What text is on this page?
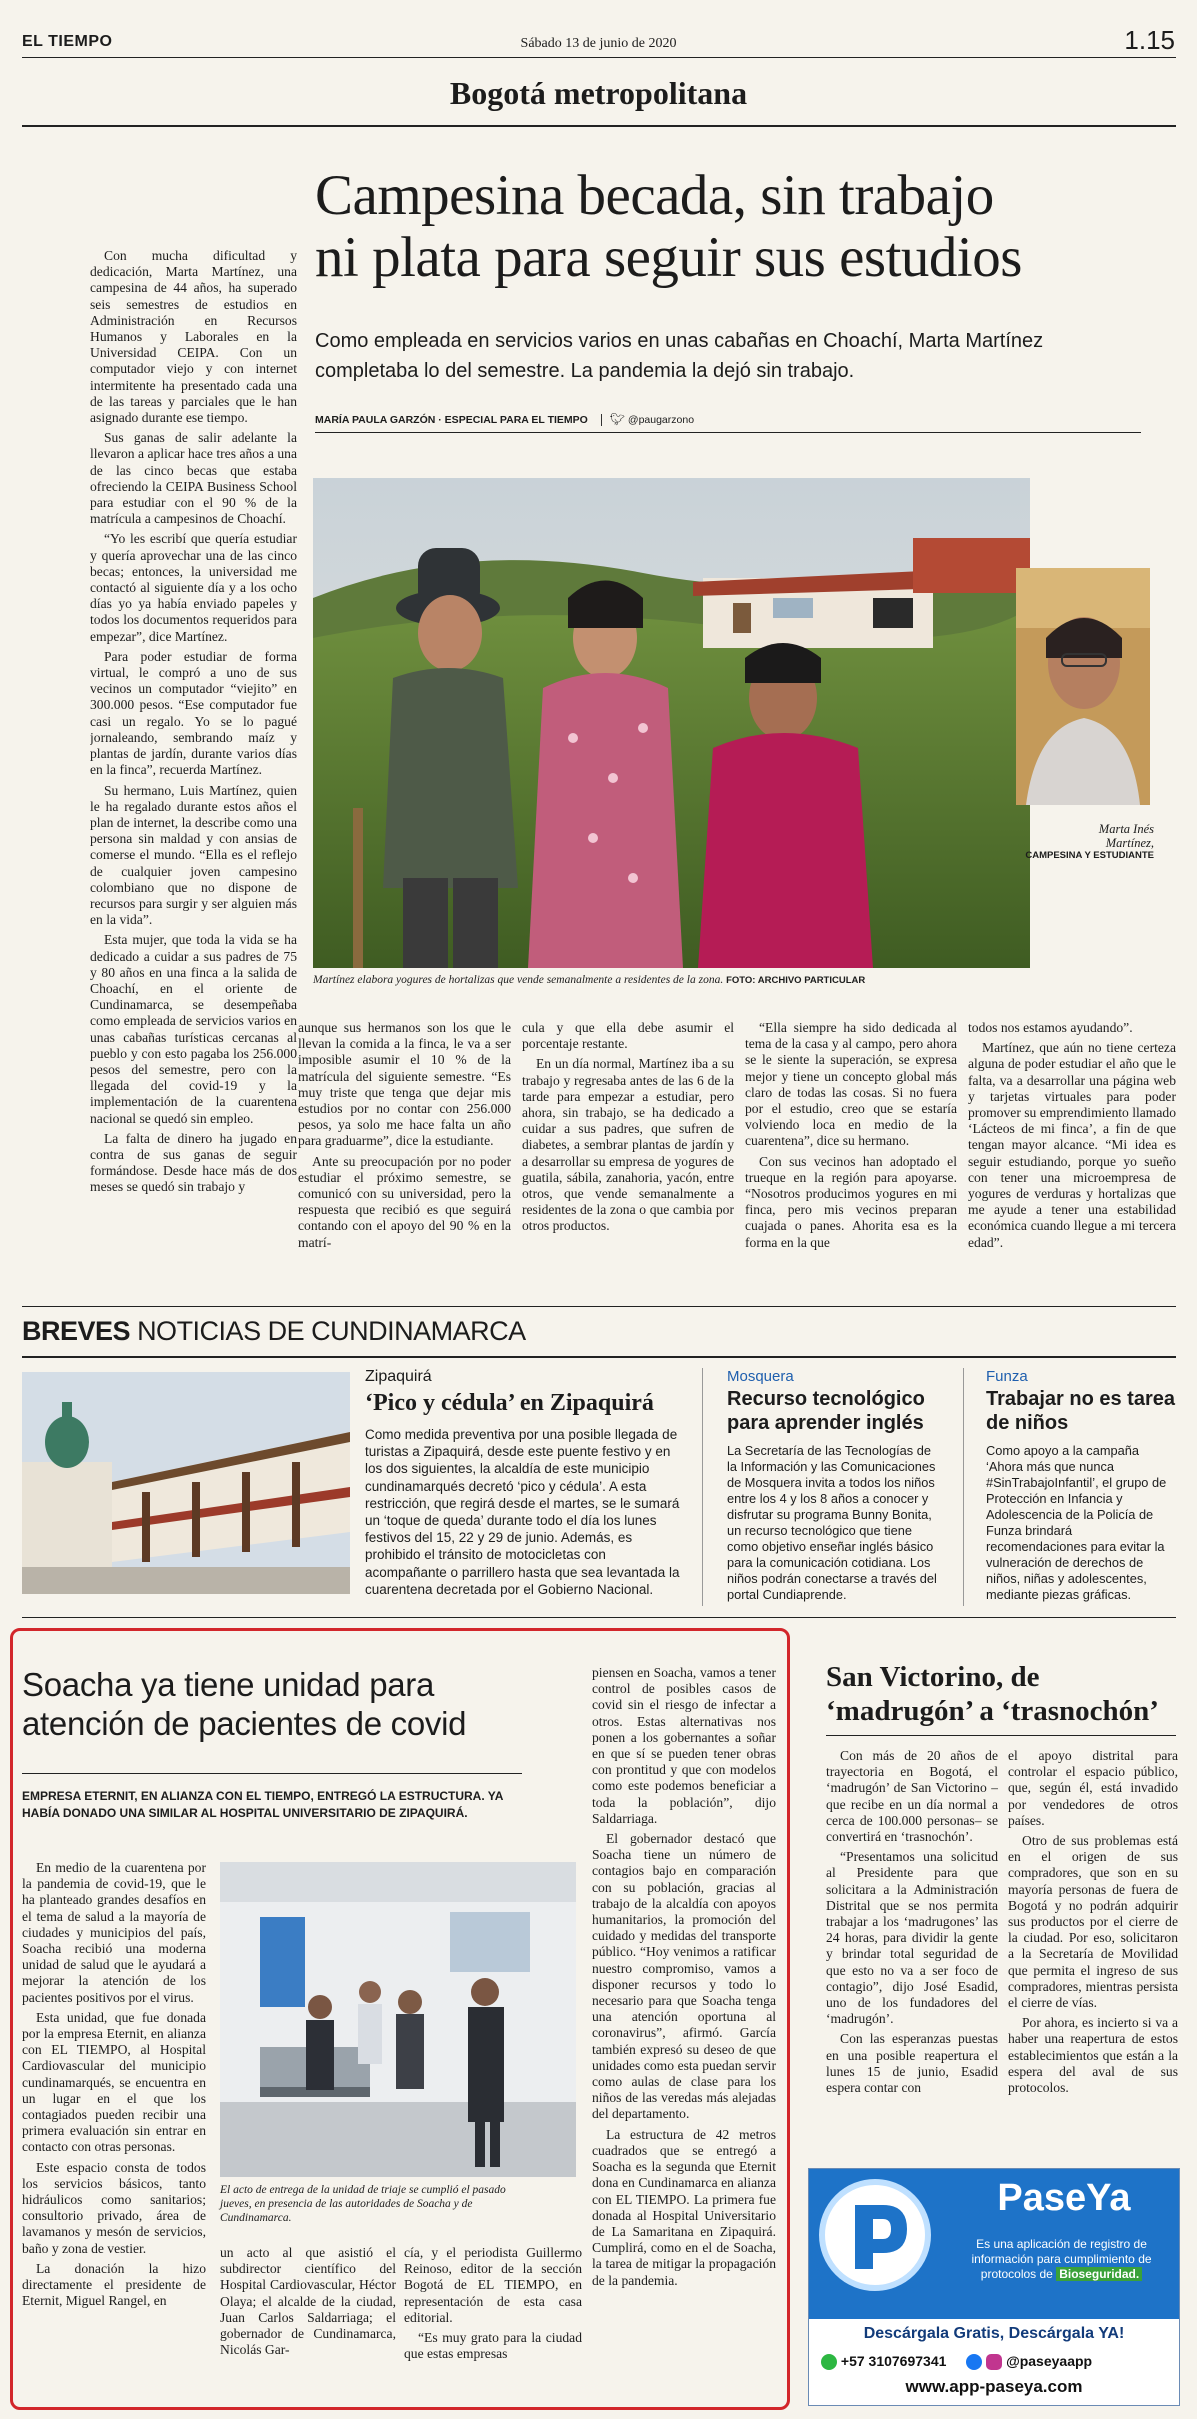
EL TIEMPO	Sábado 13 de junio de 2020	1.15
Bogotá metropolitana
Campesina becada, sin trabajo
ni plata para seguir sus estudios
Como empleada en servicios varios en unas cabañas en Choachí, Marta Martínez completaba lo del semestre. La pandemia la dejó sin trabajo.
MARÍA PAULA GARZÓN · ESPECIAL PARA EL TIEMPO 🐦︎ @paugarzono

Con mucha dificultad y dedicación, Marta Martínez, una campesina de 44 años, ha superado seis semestres de estudios en Administración en Recursos Humanos y Laborales en la Universidad CEIPA. Con un computador viejo y con internet intermitente ha presentado cada una de las tareas y parciales que le han asignado durante ese tiempo.

Sus ganas de salir adelante la llevaron a aplicar hace tres años a una de las cinco becas que estaba ofreciendo la CEIPA Business School para estudiar con el 90 % de la matrícula a campesinos de Choachí.

“Yo les escribí que quería estudiar y quería aprovechar una de las cinco becas; entonces, la universidad me contactó al siguiente día y a los ocho días yo ya había enviado papeles y todos los documentos requeridos para empezar”, dice Martínez.

Para poder estudiar de forma virtual, le compró a uno de sus vecinos un computador “viejito” en 300.000 pesos. “Ese computador fue casi un regalo. Yo se lo pagué jornaleando, sembrando maíz y plantas de jardín, durante varios días en la finca”, recuerda Martínez.

Su hermano, Luis Martínez, quien le ha regalado durante estos años el plan de internet, la describe como una persona sin maldad y con ansias de comerse el mundo. “Ella es el reflejo de cualquier joven campesino colombiano que no dispone de recursos para surgir y ser alguien más en la vida”.

Esta mujer, que toda la vida se ha dedicado a cuidar a sus padres de 75 y 80 años en una finca a la salida de Choachí, en el oriente de Cundinamarca, se desempeñaba como empleada de servicios varios en unas cabañas turísticas cercanas al pueblo y con esto pagaba los 256.000 pesos del semestre, pero con la llegada del covid-19 y la implementación de la cuarentena nacional se quedó sin empleo.

La falta de dinero ha jugado en contra de sus ganas de seguir formándose. Desde hace más de dos meses se quedó sin trabajo y

Martínez elabora yogures de hortalizas que vende semanalmente a residentes de la zona. FOTO: ARCHIVO PARTICULAR
Marta Inés
Martínez,
CAMPESINA Y ESTUDIANTE

aunque sus hermanos son los que le llevan la comida a la finca, le va a ser imposible asumir el 10 % de la matrícula del siguiente semestre. “Es muy triste que tenga que dejar mis estudios por no contar con 256.000 pesos, ya solo me hace falta un año para graduarme”, dice la estudiante.

Ante su preocupación por no poder estudiar el próximo semestre, se comunicó con su universidad, pero la respuesta que recibió es que seguirá contando con el apoyo del 90 % en la matrí-

cula y que ella debe asumir el porcentaje restante.

En un día normal, Martínez iba a su trabajo y regresaba antes de las 6 de la tarde para empezar a estudiar, pero ahora, sin trabajo, se ha dedicado a cuidar a sus padres, que sufren de diabetes, a sembrar plantas de jardín y a desarrollar su empresa de yogures de guatila, sábila, zanahoria, yacón, entre otros, que vende semanalmente a residentes de la zona o que cambia por otros productos.

“Ella siempre ha sido dedicada al tema de la casa y al campo, pero ahora se le siente la superación, se expresa mejor y tiene un concepto global más claro de todas las cosas. Si no fuera por el estudio, creo que se estaría volviendo loca en medio de la cuarentena”, dice su hermano.

Con sus vecinos han adoptado el trueque en la región para apoyarse. “Nosotros producimos yogures en mi finca, pero mis vecinos preparan cuajada o panes. Ahorita esa es la forma en la que

todos nos estamos ayudando”.

Martínez, que aún no tiene certeza alguna de poder estudiar el año que le falta, va a desarrollar una página web y tarjetas virtuales para poder promover su emprendimiento llamado ‘Lácteos de mi finca’, a fin de que tengan mayor alcance. “Mi idea es seguir estudiando, porque yo sueño con tener una microempresa de yogures de verduras y hortalizas que me ayude a tener una estabilidad económica cuando llegue a mi tercera edad”.

BREVES NOTICIAS DE CUNDINAMARCA
Zipaquirá
‘Pico y cédula’ en Zipaquirá
Como medida preventiva por una posible llegada de turistas a Zipaquirá, desde este puente festivo y en los dos siguientes, la alcaldía de este municipio cundinamarqués decretó ‘pico y cédula’. A esta restricción, que regirá desde el martes, se le sumará un ‘toque de queda’ durante todo el día los lunes festivos del 15, 22 y 29 de junio. Además, es prohibido el tránsito de motocicletas con acompañante o parrillero hasta que sea levantada la cuarentena decretada por el Gobierno Nacional.
Mosquera
Recurso tecnológico para aprender inglés
La Secretaría de las Tecnologías de la Información y las Comunicaciones de Mosquera invita a todos los niños entre los 4 y los 8 años a conocer y disfrutar su programa Bunny Bonita, un recurso tecnológico que tiene como objetivo enseñar inglés básico para la comunicación cotidiana. Los niños podrán conectarse a través del portal Cundiaprende.
Funza
Trabajar no es tarea de niños
Como apoyo a la campaña ‘Ahora más que nunca #SinTrabajoInfantil’, el grupo de Protección en Infancia y Adolescencia de la Policía de Funza brindará recomendaciones para evitar la vulneración de derechos de niños, niñas y adolescentes, mediante piezas gráficas.
Soacha ya tiene unidad para
atención de pacientes de covid
EMPRESA ETERNIT, EN ALIANZA CON EL TIEMPO, ENTREGÓ LA ESTRUCTURA. YA HABÍA DONADO UNA SIMILAR AL HOSPITAL UNIVERSITARIO DE ZIPAQUIRÁ.

En medio de la cuarentena por la pandemia de covid-19, que le ha planteado grandes desafíos en el tema de salud a la mayoría de ciudades y municipios del país, Soacha recibió una moderna unidad de salud que le ayudará a mejorar la atención de los pacientes positivos por el virus.

Esta unidad, que fue donada por la empresa Eternit, en alianza con EL TIEMPO, al Hospital Cardiovascular del municipio cundinamarqués, se encuentra en un lugar en el que los contagiados pueden recibir una primera evaluación sin entrar en contacto con otras personas.

Este espacio consta de todos los servicios básicos, tanto hidráulicos como sanitarios; consultorio privado, área de lavamanos y mesón de servicios, baño y zona de vestier.

La donación la hizo directamente el presidente de Eternit, Miguel Rangel, en

El acto de entrega de la unidad de triaje se cumplió el pasado jueves, en presencia de las autoridades de Soacha y de Cundinamarca.

un acto al que asistió el subdirector científico del Hospital Cardiovascular, Héctor Olaya; el alcalde de la ciudad, Juan Carlos Saldarriaga; el gobernador de Cundinamarca, Nicolás Gar-

cía, y el periodista Guillermo Reinoso, editor de la sección Bogotá de EL TIEMPO, en representación de esta casa editorial.

“Es muy grato para la ciudad que estas empresas

piensen en Soacha, vamos a tener control de posibles casos de covid sin el riesgo de infectar a otros. Estas alternativas nos ponen a los gobernantes a soñar en que sí se pueden tener obras con prontitud y que con modelos como este podemos beneficiar a toda la población”, dijo Saldarriaga.

El gobernador destacó que Soacha tiene un número de contagios bajo en comparación con su población, gracias al trabajo de la alcaldía con apoyos humanitarios, la promoción del cuidado y medidas del transporte público. “Hoy venimos a ratificar nuestro compromiso, vamos a disponer recursos y todo lo necesario para que Soacha tenga una atención oportuna al coronavirus”, afirmó. García también expresó su deseo de que unidades como esta puedan servir como aulas de clase para los niños de las veredas más alejadas del departamento.

La estructura de 42 metros cuadrados que se entregó a Soacha es la segunda que Eternit dona en Cundinamarca en alianza con EL TIEMPO. La primera fue donada al Hospital Universitario de La Samaritana en Zipaquirá. Cumplirá, como en el de Soacha, la tarea de mitigar la propagación de la pandemia.

San Victorino, de
‘madrugón’ a ‘trasnochón’

Con más de 20 años de trayectoria en Bogotá, el ‘madrugón’ de San Victorino –que recibe en un día normal a cerca de 100.000 personas– se convertirá en ‘trasnochón’.

“Presentamos una solicitud al Presidente para que solicitara a la Administración Distrital que se nos permita trabajar a los ‘madrugones’ las 24 horas, para dividir la gente y brindar total seguridad de que esto no va a ser foco de contagio”, dijo José Esadid, uno de los fundadores del ‘madrugón’.

Con las esperanzas puestas en una posible reapertura el lunes 15 de junio, Esadid espera contar con

el apoyo distrital para controlar el espacio público, que, según él, está invadido por vendedores de otros países.

Otro de sus problemas está en el origen de sus compradores, que son en su mayoría personas de fuera de Bogotá y no podrán adquirir sus productos por el cierre de la ciudad. Por eso, solicitaron a la Secretaría de Movilidad que permita el ingreso de sus compradores, mientras persista el cierre de vías.

Por ahora, es incierto si va a haber una reapertura de estos establecimientos que están a la espera del aval de sus protocolos.

PaseYa
Es una aplicación de registro de información para cumplimiento de protocolos de Bioseguridad.
Descárgala Gratis, Descárgala YA!
+57 3107697341	@paseyaapp
www.app-paseya.com
